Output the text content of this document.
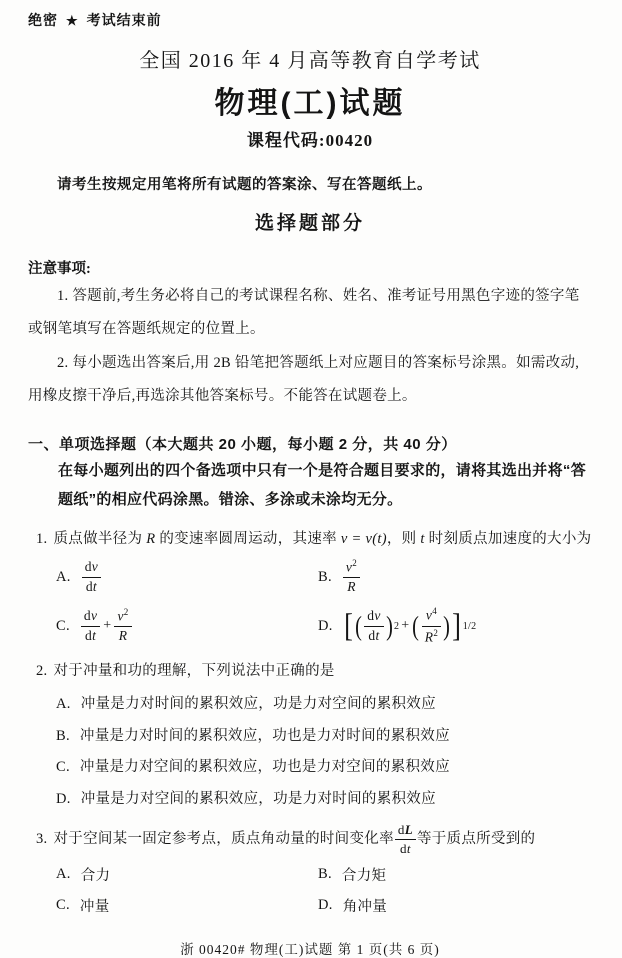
绝密 ★ 考试结束前
全国 2016 年 4 月高等教育自学考试
物理(工)试题
课程代码:00420

请考生按规定用笔将所有试题的答案涂、写在答题纸上。

选择题部分
注意事项:

1. 答题前,考生务必将自己的考试课程名称、姓名、准考证号用黑色字迹的签字笔或钢笔填写在答题纸规定的位置上。

2. 每小题选出答案后,用 2B 铅笔把答题纸上对应题目的答案标号涂黑。如需改动,用橡皮擦干净后,再选涂其他答案标号。不能答在试题卷上。

一、单项选择题（本大题共 20 小题，每小题 2 分，共 40 分）
在每小题列出的四个备选项中只有一个是符合题目要求的，请将其选出并将“答题纸”的相应代码涂黑。错涂、多涂或未涂均无分。
1. 质点做半径为 R 的变速率圆周运动，其速率 v = v(t)，则 t 时刻质点加速度的大小为
A. $\frac{dv}{dt}$	B. $\frac{v^2}{R}$
C. $\frac{dv}{dt} + \frac{v^2}{R}$	D. [ ( $\frac{dv}{dt}$ ) 2 + ( $\frac{v^4}{R^2}$ ) ] 1/2
2. 对于冲量和功的理解，下列说法中正确的是
A. 冲量是力对时间的累积效应，功是力对空间的累积效应
B. 冲量是力对时间的累积效应，功也是力对时间的累积效应
C. 冲量是力对空间的累积效应，功也是力对空间的累积效应
D. 冲量是力对空间的累积效应，功是力对时间的累积效应
3. 对于空间某一固定参考点，质点角动量的时间变化率 $\frac{dL}{dt}$ 等于质点所受到的
A. 合力	B. 合力矩
C. 冲量	D. 角冲量
浙 00420# 物理(工)试题 第 1 页(共 6 页)
